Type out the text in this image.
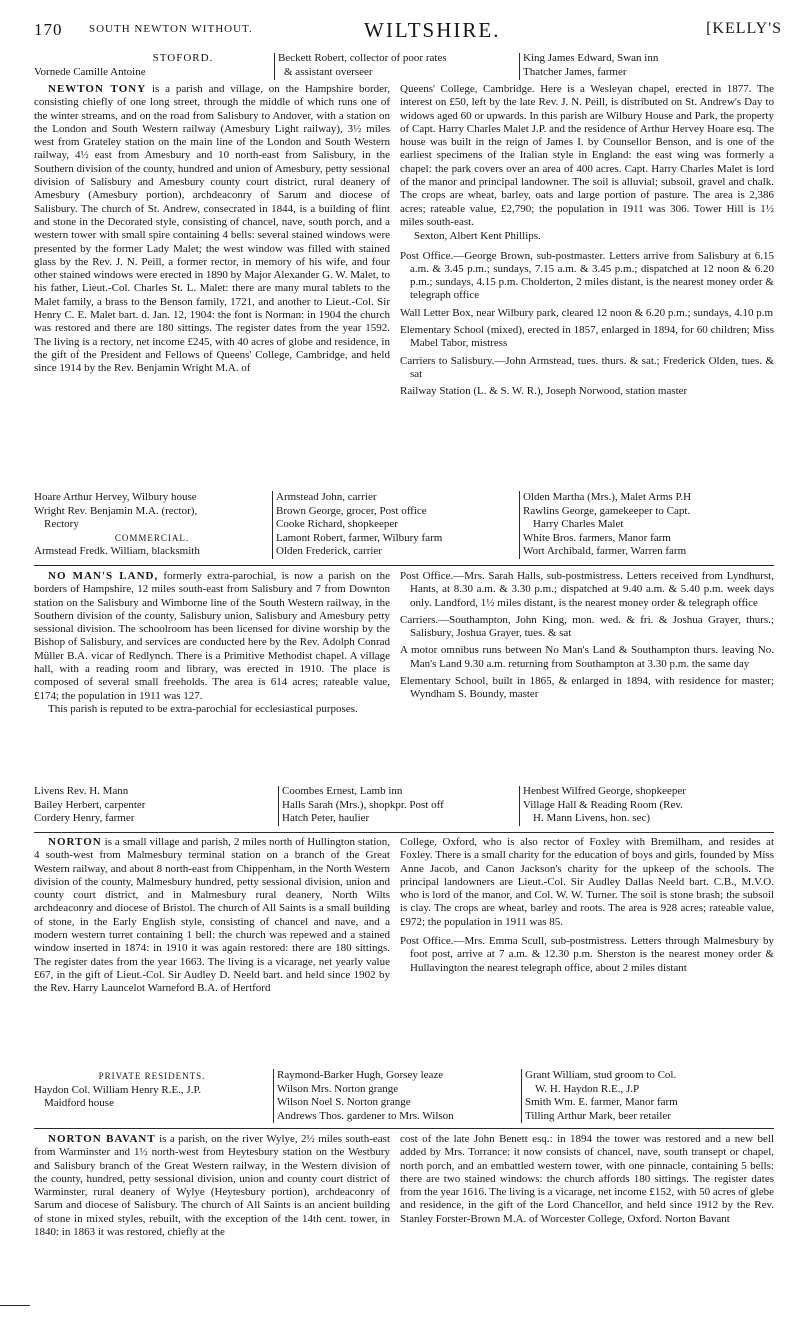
170 SOUTH NEWTON WITHOUT.	WILTSHIRE.	[KELLY'S
STOFORD.
Vornede Camille Antoine
Beckett Robert, collector of poor rates
& assistant overseer
King James Edward, Swan inn
Thatcher James, farmer
NEWTON TONY is a parish and village, on the Hampshire border, consisting chiefly of one long street, through the middle of which runs one of the winter streams, and on the road from Salisbury to Andover, with a station on the London and South Western railway (Amesbury Light railway), 3½ miles west from Grateley station on the main line of the London and South Western railway, 4½ east from Amesbury and 10 north-east from Salisbury, in the Southern division of the county, hundred and union of Amesbury, petty sessional division of Salisbury and Amesbury county court district, rural deanery of Amesbury (Amesbury portion), archdeaconry of Sarum and diocese of Salisbury. The church of St. Andrew, consecrated in 1844, is a building of flint and stone in the Decorated style, consisting of chancel, nave, south porch, and a western tower with small spire containing 4 bells: several stained windows were presented by the former Lady Malet; the west window was filled with stained glass by the Rev. J. N. Peill, a former rector, in memory of his wife, and four other stained windows were erected in 1890 by Major Alexander G. W. Malet, to his father, Lieut.-Col. Charles St. L. Malet: there are many mural tablets to the Malet family, a brass to the Benson family, 1721, and another to Lieut.-Col. Sir Henry C. E. Malet bart. d. Jan. 12, 1904: the font is Norman: in 1904 the church was restored and there are 180 sittings. The register dates from the year 1592. The living is a rectory, net income £245, with 40 acres of globe and residence, in the gift of the President and Fellows of Queens' College, Cambridge, and held since 1914 by the Rev. Benjamin Wright M.A. of
Queens' College, Cambridge. Here is a Wesleyan chapel, erected in 1877. The interest on £50, left by the late Rev. J. N. Peill, is distributed on St. Andrew's Day to widows aged 60 or upwards. In this parish are Wilbury House and Park, the property of Capt. Harry Charles Malet J.P. and the residence of Arthur Hervey Hoare esq. The house was built in the reign of James I. by Counsellor Benson, and is one of the earliest specimens of the Italian style in England: the east wing was formerly a chapel: the park covers over an area of 400 acres. Capt. Harry Charles Malet is lord of the manor and principal landowner. The soil is alluvial; subsoil, gravel and chalk. The crops are wheat, barley, oats and large portion of pasture. The area is 2,386 acres; rateable value, £2,790; the population in 1911 was 306. Tower Hill is 1½ miles south-east.
Sexton, Albert Kent Phillips.
Post Office.—George Brown, sub-postmaster. Letters arrive from Salisbury at 6.15 a.m. & 3.45 p.m.; sundays, 7.15 a.m. & 3.45 p.m.; dispatched at 12 noon & 6.20 p.m.; sundays, 4.15 p.m. Cholderton, 2 miles distant, is the nearest money order & telegraph office
Wall Letter Box, near Wilbury park, cleared 12 noon & 6.20 p.m.; sundays, 4.10 p.m
Elementary School (mixed), erected in 1857, enlarged in 1894, for 60 children; Miss Mabel Tabor, mistress
Carriers to Salisbury.—John Armstead, tues. thurs. & sat.; Frederick Olden, tues. & sat
Railway Station (L. & S. W. R.), Joseph Norwood, station master
Hoare Arthur Hervey, Wilbury house
Wright Rev. Benjamin M.A. (rector),
Rectory
COMMERCIAL.
Armstead Fredk. William, blacksmith
Armstead John, carrier
Brown George, grocer, Post office
Cooke Richard, shopkeeper
Lamont Robert, farmer, Wilbury farm
Olden Frederick, carrier
Olden Martha (Mrs.), Malet Arms P.H
Rawlins George, gamekeeper to Capt.
Harry Charles Malet
White Bros. farmers, Manor farm
Wort Archibald, farmer, Warren farm
NO MAN'S LAND, formerly extra-parochial, is now a parish on the borders of Hampshire, 12 miles south-east from Salisbury and 7 from Downton station on the Salisbury and Wimborne line of the South Western railway, in the Southern division of the county, Salisbury union, Salisbury and Amesbury petty sessional division. The schoolroom has been licensed for divine worship by the Bishop of Salisbury, and services are conducted here by the Rev. Adolph Conrad Müller B.A. vicar of Redlynch. There is a Primitive Methodist chapel. A village hall, with a reading room and library, was erected in 1910. The place is composed of several small freeholds. The area is 614 acres; rateable value, £174; the population in 1911 was 127.
This parish is reputed to be extra-parochial for ecclesiastical purposes.
Post Office.—Mrs. Sarah Halls, sub-postmistress. Letters received from Lyndhurst, Hants, at 8.30 a.m. & 3.30 p.m.; dispatched at 9.40 a.m. & 5.40 p.m. week days only. Landford, 1½ miles distant, is the nearest money order & telegraph office
Carriers.—Southampton, John King, mon. wed. & fri. & Joshua Grayer, thurs.; Salisbury, Joshua Grayer, tues. & sat
A motor omnibus runs between No Man's Land & Southampton thurs. leaving No. Man's Land 9.30 a.m. returning from Southampton at 3.30 p.m. the same day
Elementary School, built in 1865, & enlarged in 1894, with residence for master; Wyndham S. Boundy, master
Livens Rev. H. Mann
Bailey Herbert, carpenter
Cordery Henry, farmer
Coombes Ernest, Lamb inn
Halls Sarah (Mrs.), shopkpr. Post off
Hatch Peter, haulier
Henbest Wilfred George, shopkeeper
Village Hall & Reading Room (Rev.
H. Mann Livens, hon. sec)
NORTON is a small village and parish, 2 miles north of Hullington station, 4 south-west from Malmesbury terminal station on a branch of the Great Western railway, and about 8 north-east from Chippenham, in the North Western division of the county, Malmesbury hundred, petty sessional division, union and county court district, and in Malmesbury rural deanery, North Wilts archdeaconry and diocese of Bristol. The church of All Saints is a small building of stone, in the Early English style, consisting of chancel and nave, and a modern western turret containing 1 bell: the church was repewed and a stained window inserted in 1874: in 1910 it was again restored: there are 180 sittings. The register dates from the year 1663. The living is a vicarage, net yearly value £67, in the gift of Lieut.-Col. Sir Audley D. Neeld bart. and held since 1902 by the Rev. Harry Launcelot Warneford B.A. of Hertford
College, Oxford, who is also rector of Foxley with Bremilham, and resides at Foxley. There is a small charity for the education of boys and girls, founded by Miss Anne Jacob, and Canon Jackson's charity for the upkeep of the schools. The principal landowners are Lieut.-Col. Sir Audley Dallas Neeld bart. C.B., M.V.O. who is lord of the manor, and Col. W. W. Turner. The soil is stone brash; the subsoil is clay. The crops are wheat, barley and roots. The area is 928 acres; rateable value, £972; the population in 1911 was 85.
Post Office.—Mrs. Emma Scull, sub-postmistress. Letters through Malmesbury by foot post, arrive at 7 a.m. & 12.30 p.m. Sherston is the nearest money order & Hullavington the nearest telegraph office, about 2 miles distant
PRIVATE RESIDENTS.
Haydon Col. William Henry R.E., J.P.
Maidford house
Raymond-Barker Hugh, Gorsey leaze
Wilson Mrs. Norton grange
Wilson Noel S. Norton grange
Andrews Thos. gardener to Mrs. Wilson
Grant William, stud groom to Col.
W. H. Haydon R.E., J.P
Smith Wm. E. farmer, Manor farm
Tilling Arthur Mark, beer retailer
NORTON BAVANT is a parish, on the river Wylye, 2½ miles south-east from Warminster and 1½ north-west from Heytesbury station on the Westbury and Salisbury branch of the Great Western railway, in the Western division of the county, hundred, petty sessional division, union and county court district of Warminster, rural deanery of Wylye (Heytesbury portion), archdeaconry of Sarum and diocese of Salisbury. The church of All Saints is an ancient building of stone in mixed styles, rebuilt, with the exception of the 14th cent. tower, in 1840: in 1863 it was restored, chiefly at the
cost of the late John Benett esq.: in 1894 the tower was restored and a new bell added by Mrs. Torrance: it now consists of chancel, nave, south transept or chapel, north porch, and an embattled western tower, with one pinnacle, containing 5 bells: there are two stained windows: the church affords 180 sittings. The register dates from the year 1616. The living is a vicarage, net income £152, with 50 acres of glebe and residence, in the gift of the Lord Chancellor, and held since 1912 by the Rev. Stanley Forster-Brown M.A. of Worcester College, Oxford. Norton Bavant
